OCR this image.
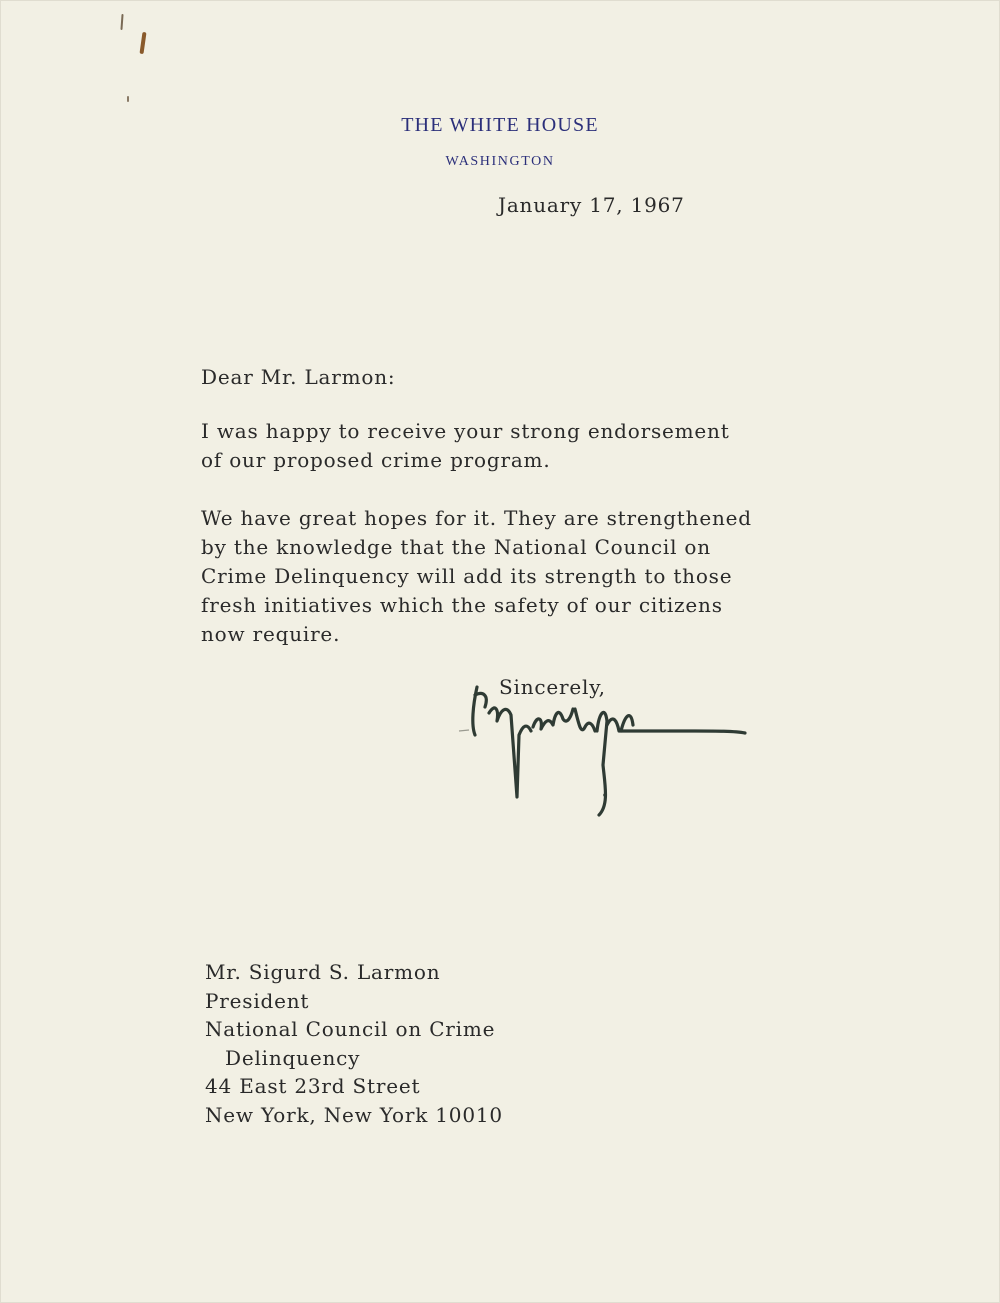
THE WHITE HOUSE
WASHINGTON
January 17, 1967
Dear Mr. Larmon:
I was happy to receive your strong endorsement
of our proposed crime program.
We have great hopes for it. They are strengthened
by the knowledge that the National Council on
Crime Delinquency will add its strength to those
fresh initiatives which the safety of our citizens
now require.
Sincerely,
Mr. Sigurd S. Larmon
President
National Council on Crime
Delinquency
44 East 23rd Street
New York, New York 10010
